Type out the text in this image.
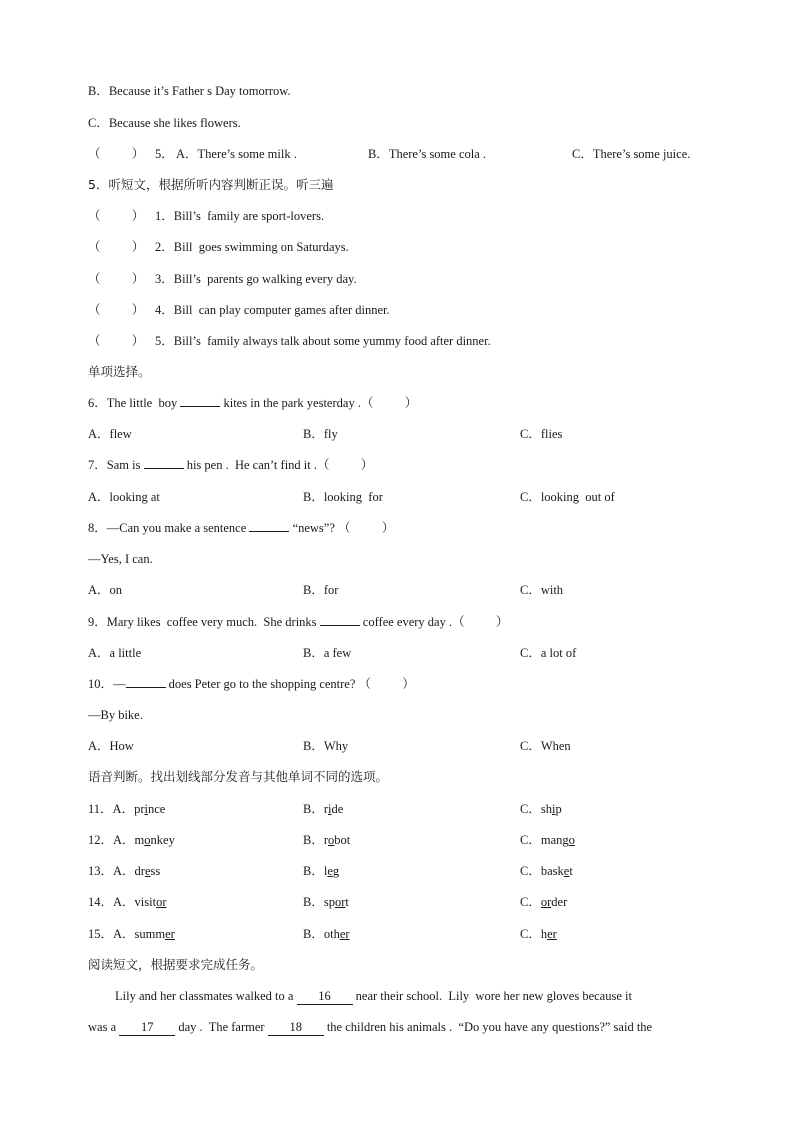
B．Because it’s Father s Day tomorrow.
C．Because she likes flowers.
（          ） 5． A．There’s some milk .	B．There’s some cola .	C．There’s some juice.
5．听短文，根据所听内容判断正误。听三遍
（          ） 1．Bill’s  family are sport-lovers.
（          ） 2．Bill  goes swimming on Saturdays.
（          ） 3．Bill’s  parents go walking every day.
（          ） 4．Bill  can play computer games after dinner.
（          ） 5．Bill’s  family always talk about some yummy food after dinner.
单项选择。
6．The little  boy	kites in the park yesterday .（          ）
A．flew	B．fly	C．flies
7．Sam is	his pen .  He can’t find it .（          ）
A．looking at	B．looking  for	C．looking  out of
8．—Can you make a sentence	“news”? （          ）
—Yes, I can.
A．on	B．for	C．with
9．Mary likes  coffee very much.  She drinks	coffee every day .（          ）
A．a little	B．a few	C．a lot of
10．—	does Peter go to the shopping centre? （          ）
—By bike.
A．How	B．Why	C．When
语音判断。找出划线部分发音与其他单词不同的选项。
11．A．prince	B．ride	C．ship
12．A．monkey	B．robot	C．mango
13．A．dress	B．leg	C．basket
14．A．visitor	B．sport	C．order
15．A．summer	B．other	C．her
阅读短文，根据要求完成任务。
Lily and her classmates walked to a 16 near their school.  Lily  wore her new gloves because it
was a 17 day .  The farmer 18 the children his animals .  “Do you have any questions?” said the
